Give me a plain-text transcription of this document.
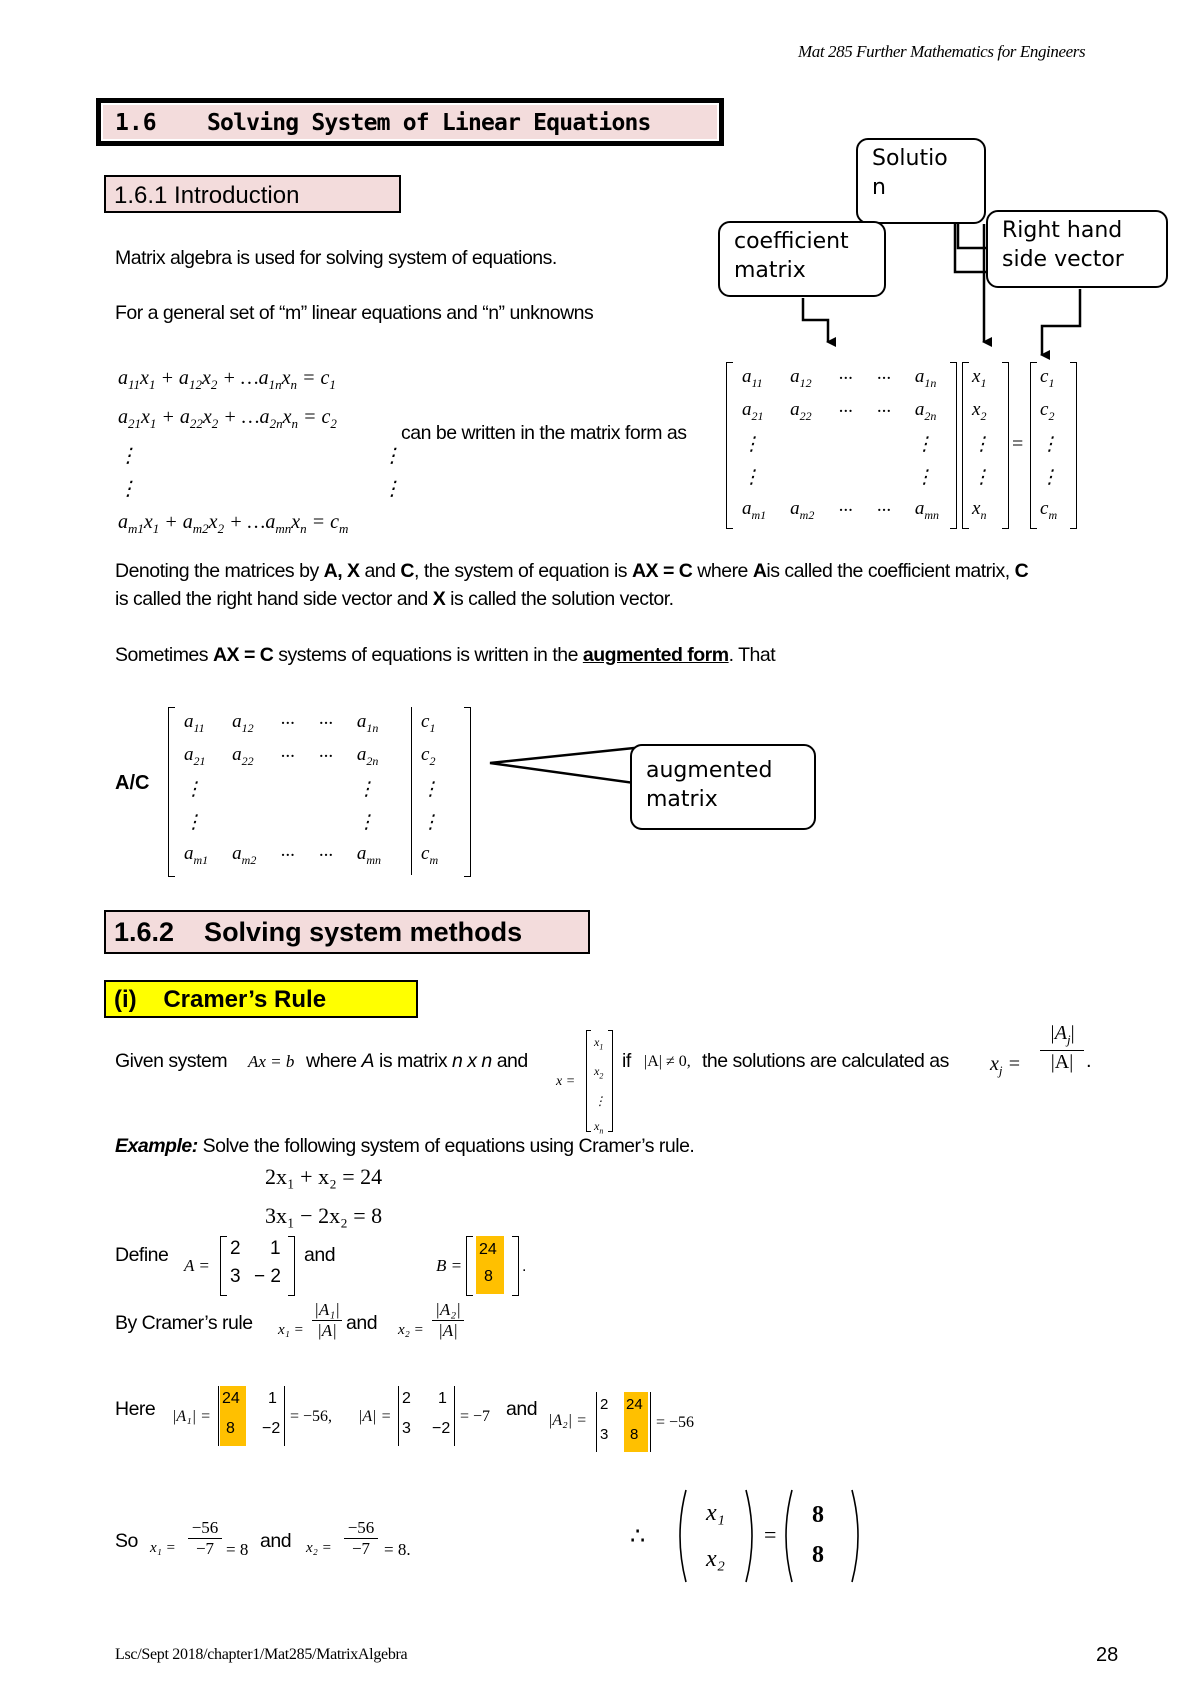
Mat 285 Further Mathematics for Engineers
1.6 Solving System of Linear Equations
1.6.1 Introduction
Solutio
n
coefficient
matrix
Right hand
side vector
Matrix algebra is used for solving system of equations.
For a general set of “m” linear equations and “n” unknowns
$a_{11}x_1 + a_{12}x_2$ + $\dots a_{1n}x_n = c_1$
$a_{21}x_1 + a_{22}x_2$ + $\dots a_{2n}x_n = c_2$
⋮	⋮
⋮	⋮
$a_{m1}x_1 + a_{m2}x_2$ + $\dots a_{mn}x_n = c_m$
can be written in the matrix form as
$a_{11}$	$a_{12}$	···	···	$a_{1n}$
$a_{21}$	$a_{22}$	···	···	$a_{2n}$
⋮				⋮
⋮				⋮
$a_{m1}$	$a_{m2}$	···	···	$a_{mn}$
$x_1$
$x_2$
⋮
⋮
$x_n$
=
$c_1$
$c_2$
⋮
⋮
$c_m$
Denoting the matrices by A, X and C, the system of equation is AX = C where Ais called the coefficient matrix, C
is called the right hand side vector and X is called the solution vector.
Sometimes AX = C systems of equations is written in the augmented form. That
A/C
$a_{11}$	$a_{12}$	···	···	$a_{1n}$	$c_1$
$a_{21}$	$a_{22}$	···	···	$a_{2n}$	$c_2$
⋮				⋮	⋮
⋮				⋮	⋮
$a_{m1}$	$a_{m2}$	···	···	$a_{mn}$	$c_m$
augmented
matrix
1.6.2    Solving system methods
(i)    Cramer’s Rule
Given system Ax = b where A is matrix n x n and
x =
$x_1$
$x_2$
⋮
$x_n$
if |A| ≠ 0, the solutions are calculated as $x_j$ =
$|A_j|$
|A| .
Example: Solve the following system of equations using Cramer’s rule.
2x₁ + x₂ = 24
3x₁ − 2x₂ = 8
Define A =
2 1
3 − 2
and	B =
24
8
.
By Cramer’s rule x₁ =
|A₁|
|A| and x₂ =
|A₂|
|A|
Here |A₁| =
24 1
8 −2
= −56, |A| =
2 1
3 −2
= −7 and
|A₂| =
2 24
3 8
= −56
So x₁ =
−56
−7 = 8 and x₂ =
−56
−7 = 8.	∴
x₁
x₂
=
8
8
Lsc/Sept 2018/chapter1/Mat285/MatrixAlgebra	28
